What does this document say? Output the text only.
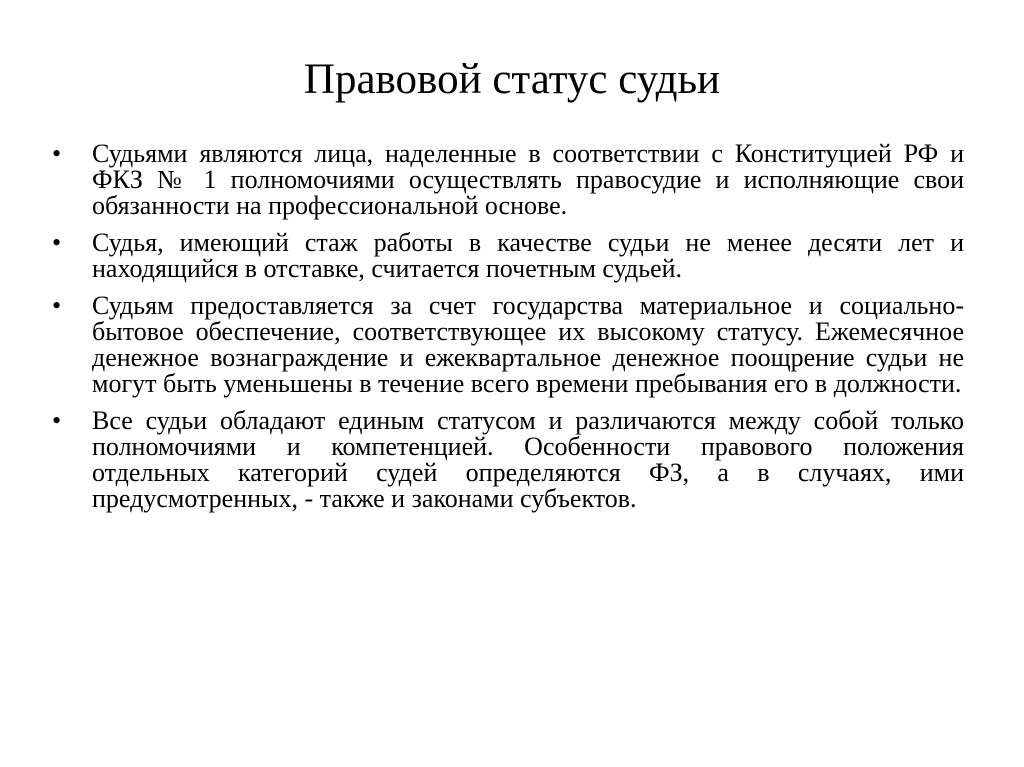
Правовой статус судьи
•	Судьями являются лица, наделенные в соответствии с Конституцией РФ и ФКЗ № 1 полномочиями осуществлять правосудие и исполняющие свои обязанности на профессиональной основе.
•	Судья, имеющий стаж работы в качестве судьи не менее десяти лет и находящийся в отставке, считается почетным судьей.
•	Судьям предоставляется за счет государства материальное и социально-бытовое обеспечение, соответствующее их высокому статусу. Ежемесячное денежное вознаграждение и ежеквартальное денежное поощрение судьи не могут быть уменьшены в течение всего времени пребывания его в должности.
•	Все судьи обладают единым статусом и различаются между собой только полномочиями и компетенцией. Особенности правового положения отдельных категорий судей определяются ФЗ, а в случаях, ими предусмотренных, - также и законами субъектов.
